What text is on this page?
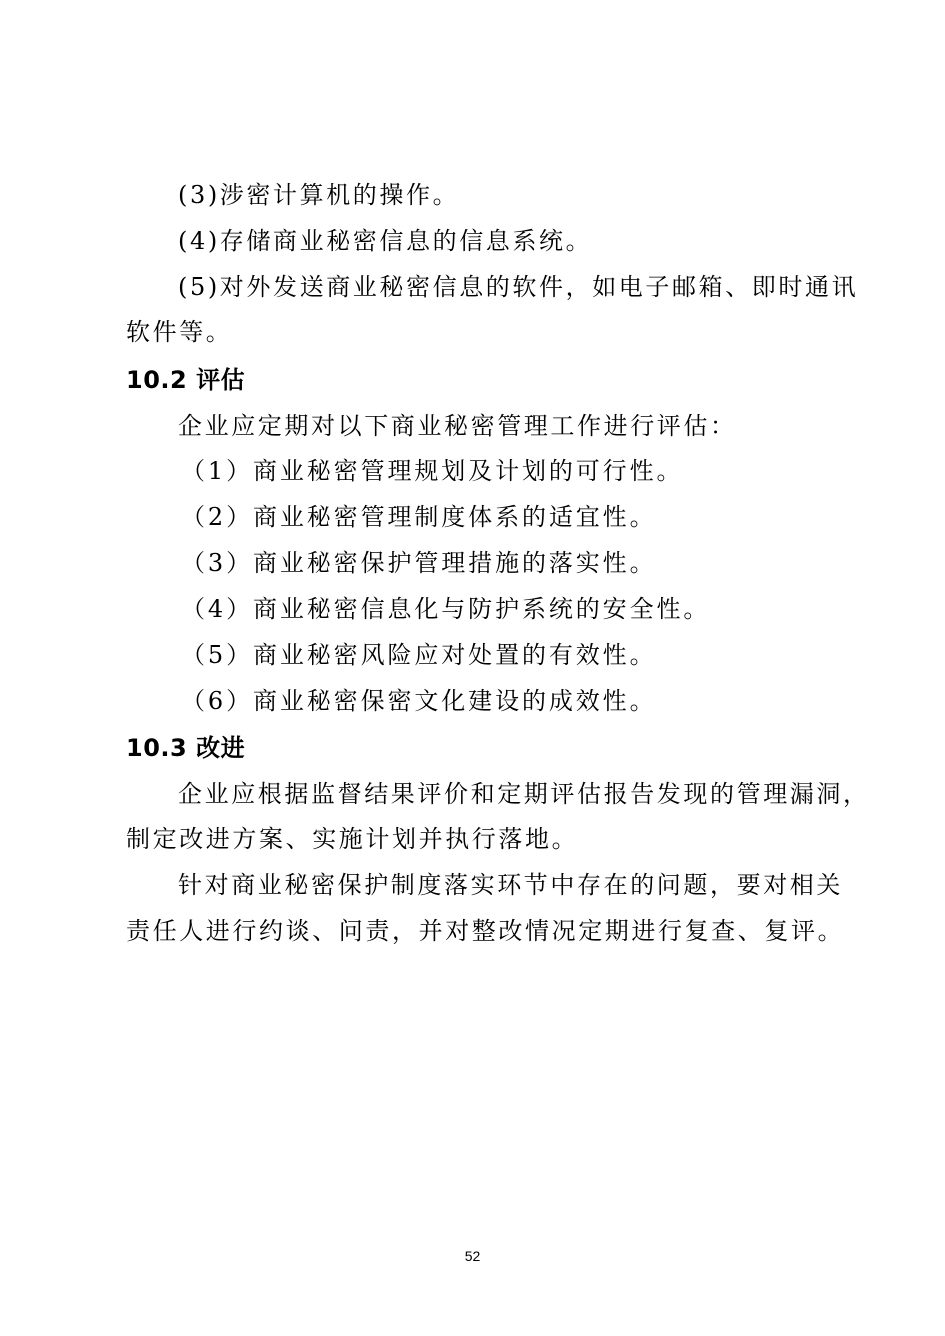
(3)涉密计算机的操作。
(4)存储商业秘密信息的信息系统。
(5)对外发送商业秘密信息的软件，如电子邮箱、即时通讯
软件等。
10.2 评估
企业应定期对以下商业秘密管理工作进行评估：
（1）商业秘密管理规划及计划的可行性。
（2）商业秘密管理制度体系的适宜性。
（3）商业秘密保护管理措施的落实性。
（4）商业秘密信息化与防护系统的安全性。
（5）商业秘密风险应对处置的有效性。
（6）商业秘密保密文化建设的成效性。
10.3 改进
企业应根据监督结果评价和定期评估报告发现的管理漏洞，
制定改进方案、实施计划并执行落地。
针对商业秘密保护制度落实环节中存在的问题，要对相关
责任人进行约谈、问责，并对整改情况定期进行复查、复评。
52
